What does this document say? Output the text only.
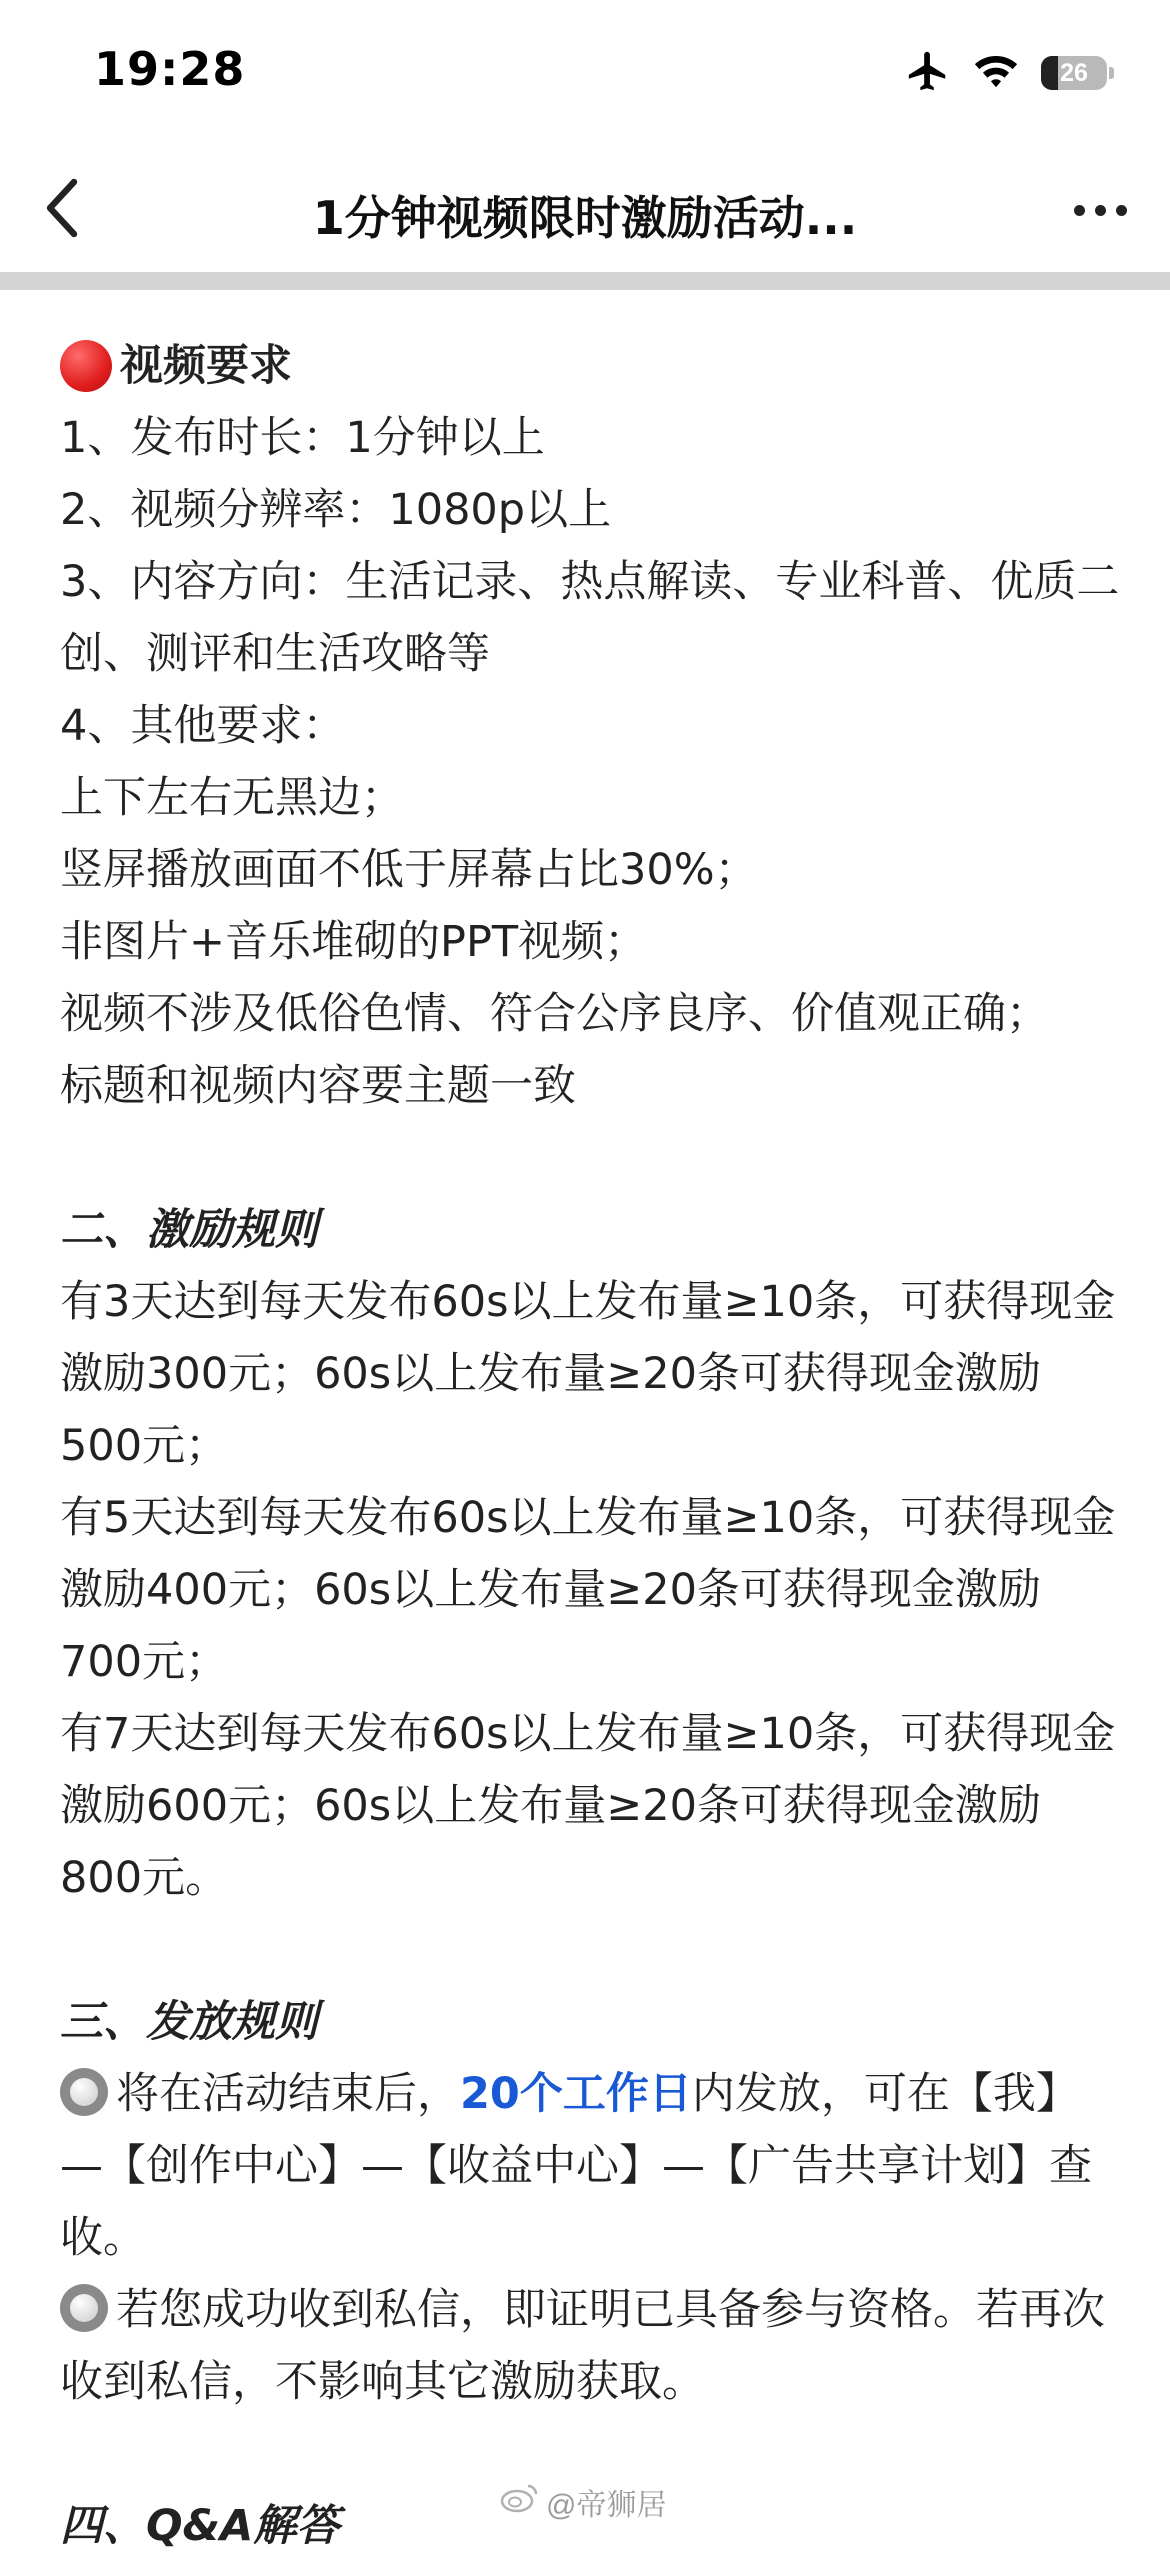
19:28	26
1分钟视频限时激励活动...

视频要求

1、发布时长：1分钟以上

2、视频分辨率：1080p以上

3、内容方向：生活记录、热点解读、专业科普、优质二创、测评和生活攻略等

4、其他要求：

上下左右无黑边；

竖屏播放画面不低于屏幕占比30%；

非图片+音乐堆砌的PPT视频；

视频不涉及低俗色情、符合公序良序、价值观正确；

标题和视频内容要主题一致

二、激励规则

有3天达到每天发布60s以上发布量≥10条，可获得现金激励300元；60s以上发布量≥20条可获得现金激励500元；

有5天达到每天发布60s以上发布量≥10条，可获得现金激励400元；60s以上发布量≥20条可获得现金激励700元；

有7天达到每天发布60s以上发布量≥10条，可获得现金激励600元；60s以上发布量≥20条可获得现金激励800元。

三、发放规则

将在活动结束后，20个工作日内发放，可在【我】—【创作中心】—【收益中心】—【广告共享计划】查收。

若您成功收到私信，即证明已具备参与资格。若再次收到私信，不影响其它激励获取。

四、Q&A解答	@帝狮居
